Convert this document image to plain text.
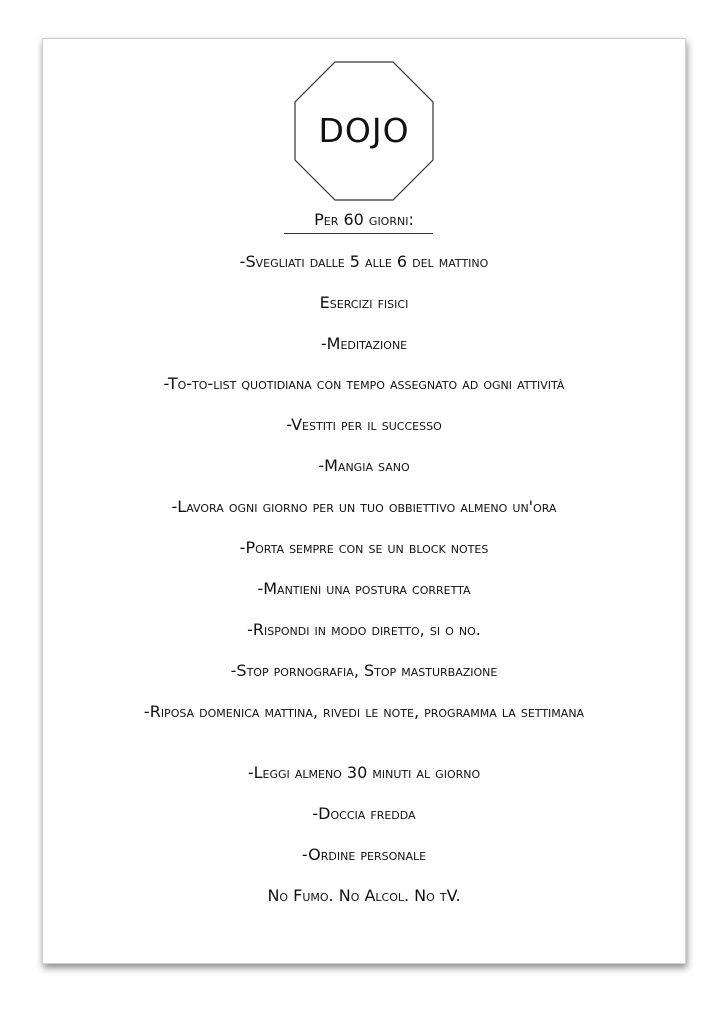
DOJO
Per 60 giorni:
-Svegliati dalle 5 alle 6 del mattino
Esercizi fisici
-Meditazione
-To-to-list quotidiana con tempo assegnato ad ogni attività
-Vestiti per il successo
-Mangia sano
-Lavora ogni giorno per un tuo obbiettivo almeno un'ora
-Porta sempre con se un block notes
-Mantieni una postura corretta
-Rispondi in modo diretto, si o no.
-Stop pornografia, Stop masturbazione
-Riposa domenica mattina, rivedi le note, programma la settimana
-Leggi almeno 30 minuti al giorno
-Doccia fredda
-Ordine personale
No Fumo. No Alcol. No tV.
